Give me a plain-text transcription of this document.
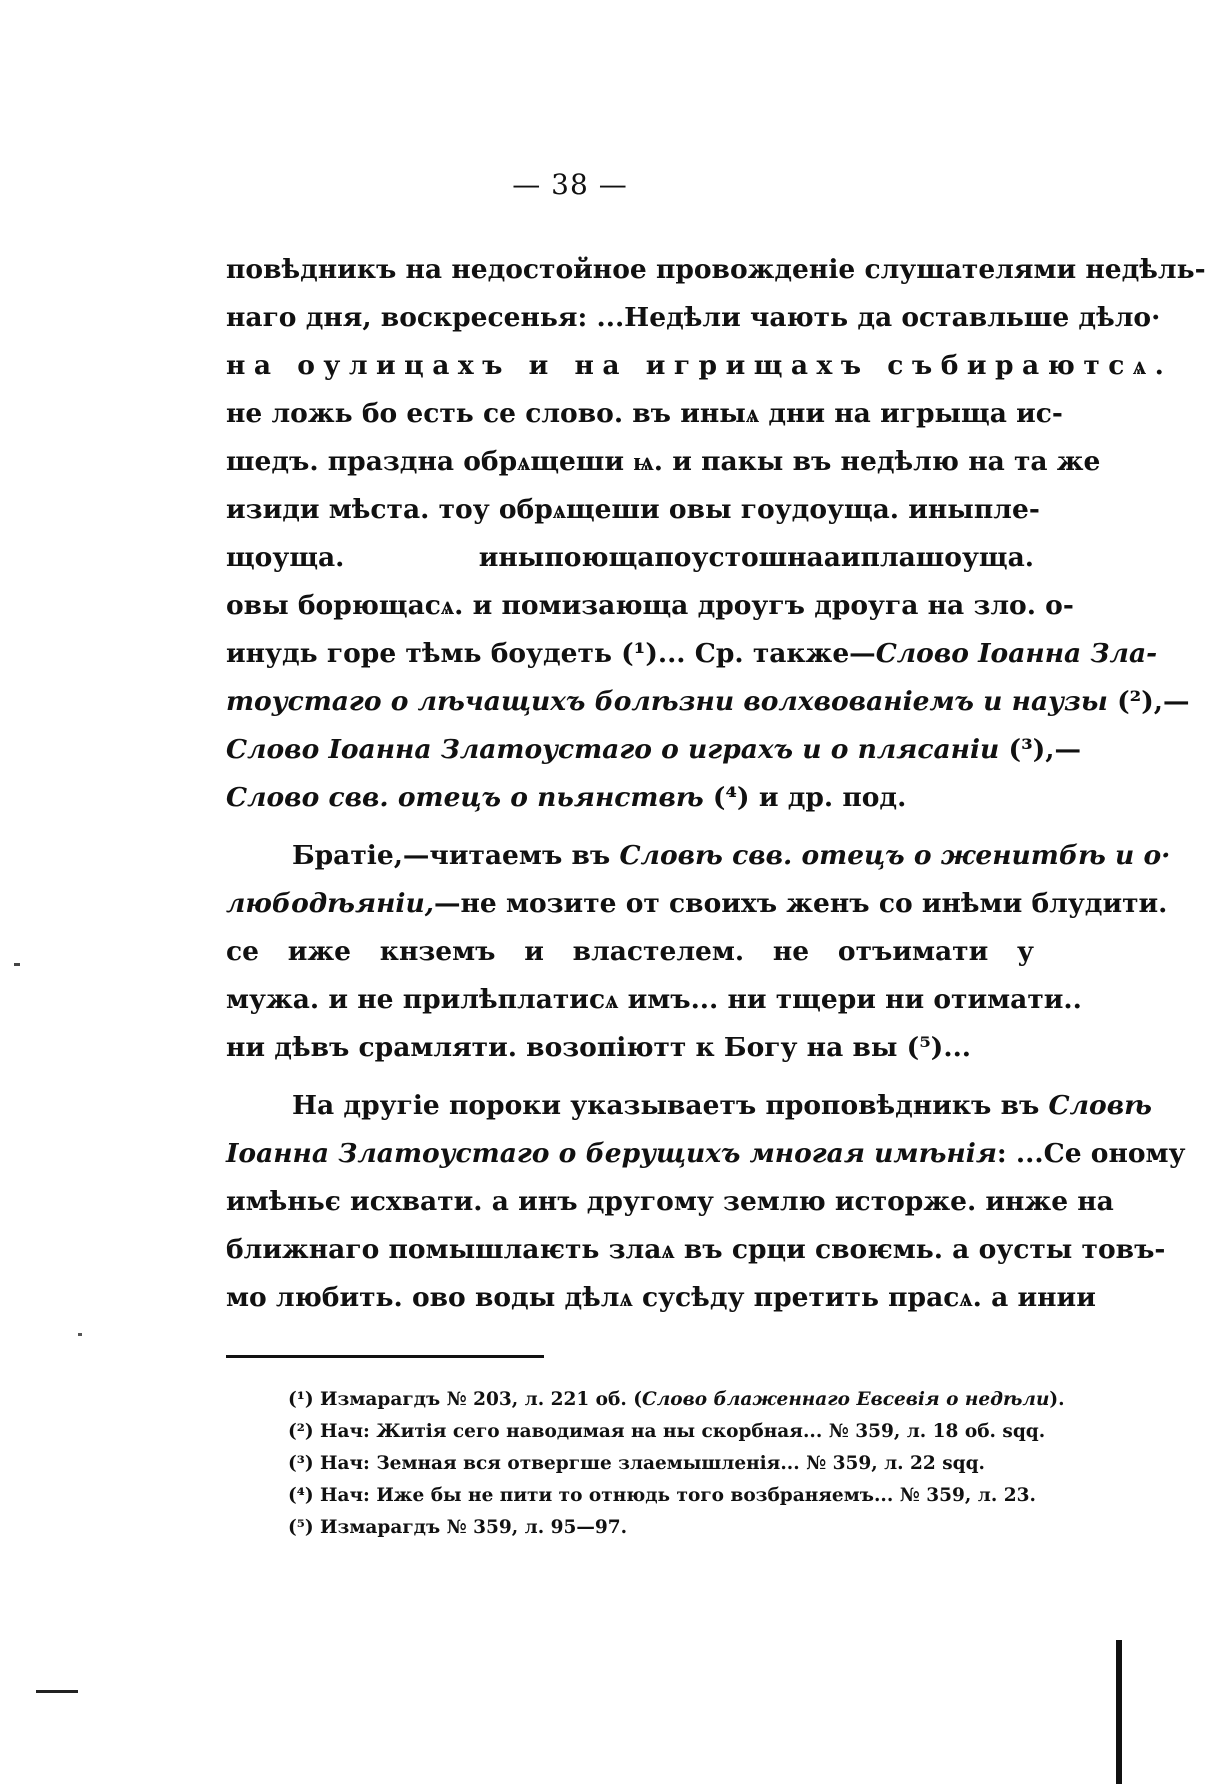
— 38 —
повѣдникъ на недостойное провожденіе слушателями недѣль-
наго дня, воскресенья: ...Недѣли чають да оставльше дѣло·
на оулицахъ и на игрищахъ събираютсѧ.
не ложь бо есть се слово. въ иныѧ дни на игрыща ис-
шедъ. празднa обрѧщеши ѩ. и пакы въ недѣлю на та же
изиди мѣста. тоу обрѧщеши овы гоудоуща. иныпле-
щоуща. иныпоющапоустошнааиплашоуща.
овы борющасѧ. и помизающа дроугъ дроуга на зло. о-
инудь горе тѣмь боудеть (¹)... Ср. также—Слово Іоанна Зла-
тоустаго о лѣчащихъ болѣзни волхвованіемъ и наузы (²),—
Слово Іоанна Златоустаго о играхъ и о плясаніи (³),—
Слово свв. отецъ о пьянствѣ (⁴) и др. под.
Братіе,—читаемъ въ Словѣ свв. отецъ о женитбѣ и о·
любодѣяніи,—не мозите от своихъ женъ со инѣми блудити.
се иже кнземъ и властелем. не отъимати у
мужа. и не прилѣплатисѧ имъ... ни тщери ни отимати..
ни дѣвъ срамляти. возопіютт к Богу на вы (⁵)...
На другіе пороки указываетъ проповѣдникъ въ Словѣ
Іоанна Златоустаго о берущихъ многая имѣнія: ...Се оному
имѣньє исхвати. а инъ другому землю исторже. инже на
ближнаго помышлаѥть злаѧ въ срци своѥмь. а оусты товъ-
мо любить. ово воды дѣлѧ сусѣду претить прасѧ. а инии
(¹) Измарагдъ № 203, л. 221 об. (Слово блаженнаго Евсевія о недѣли).
(²) Нач: Житія сего наводимая на ны скорбная... № 359, л. 18 об. sqq.
(³) Нач: Земная вся отвергше злаемышленія... № 359, л. 22 sqq.
(⁴) Нач: Иже бы не пити то отнюдь того возбраняемъ... № 359, л. 23.
(⁵) Измарагдъ № 359, л. 95—97.
